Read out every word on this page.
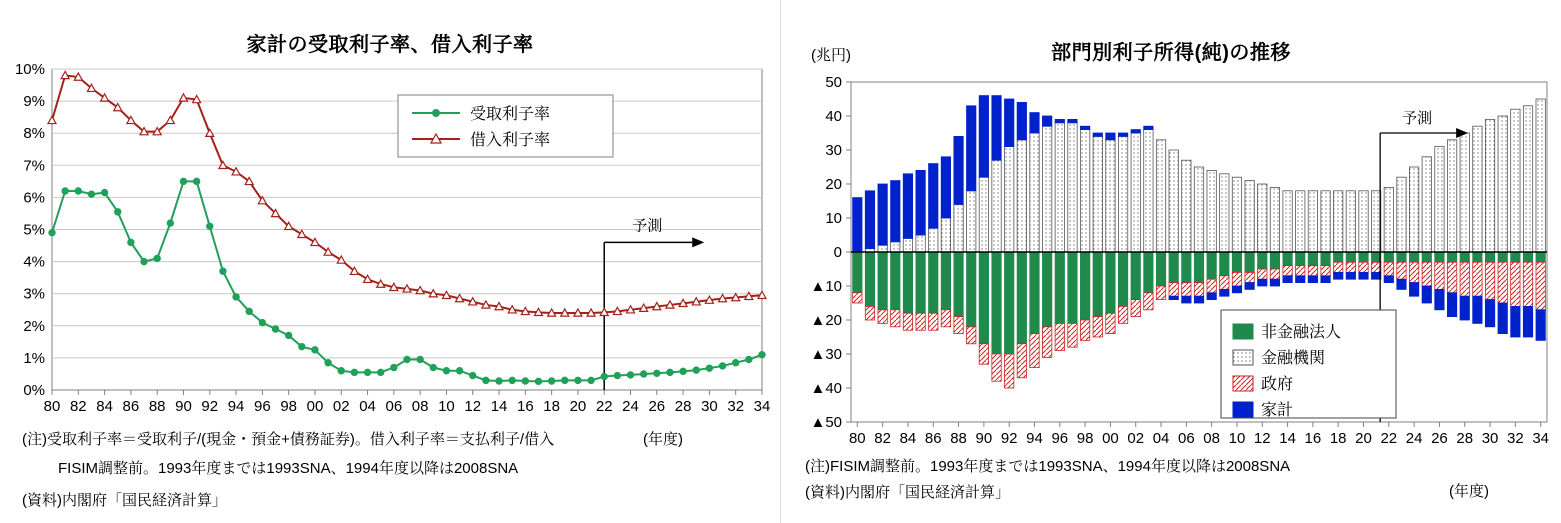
家計の受取利子率、借入利子率
0%
1%
2%
3%
4%
5%
6%
7%
8%
9%
10%
80 82 84 86 88 90 92 94 96 98 00 02 04 06 08 10 12 14 16 18 20 22 24 26 28 30 32 34
予測
受取利子率
借入利子率
(注)受取利子率＝受取利子/(現金・預金+債務証券)。借入利子率＝支払利子/借入	(年度)
FISIM調整前。1993年度までは1993SNA、1994年度以降は2008SNA
(資料)内閣府「国民経済計算」
部門別利子所得(純)の推移
(兆円)
▲50
▲40
▲30
▲20
▲10
0
10
20
30
40
50
80 82 84 86 88 90 92 94 96 98 00 02 04 06 08 10 12 14 16 18 20 22 24 26 28 30 32 34
予測
非金融法人
金融機関
政府
家計
(注)FISIM調整前。1993年度までは1993SNA、1994年度以降は2008SNA
(年度)
(資料)内閣府「国民経済計算」
